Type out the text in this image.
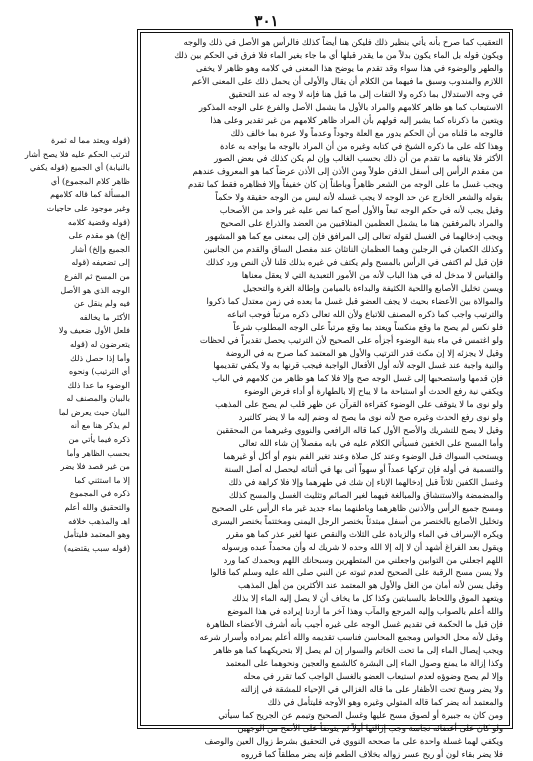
٣٠١
التعقيب كما صرح بأنه يأتي بنظير ذلك فليكن هنا أيضاً كذلك فالرأس هو الأصل في ذلك والوجه
ويكون قوله بل الماء يكون بدلاً من ما يقدر قبلها أي ما جاء بغير الماء فلا فرق في الحكم بين ذلك
والطهر والوضوء في هذا سواء وقد تقدم ما يوضح هذا المعنى في كلامه وهو ظاهر لا يخفى
اللازم والمندوب وسبق ما فيهما من الكلام أن يقال والأولى أن يحمل ذلك على المعنى الأعم
في وجه الاستدلال بما ذكره ولا التفات إلى ما قيل هنا فإنه لا وجه له عند التحقيق
الاستيعاب كما هو ظاهر كلامهم والمراد بالأول ما يشمل الأصل والفرع على الوجه المذكور
ويتعين ما ذكرناه كما يشير إليه قولهم بأن المراد ظاهر كلامهم من غير تقدير وعلى هذا
فالوجه ما قلناه من أن الحكم يدور مع العلة وجوداً وعدماً ولا عبرة بما خالف ذلك
وهذا كله على ما ذكره الشيخ في كتابه وغيره من أن المراد بالوجه ما يواجه به عادة
الأكثر فلا ينافيه ما تقدم من أن ذلك بحسب الغالب وإن لم يكن كذلك في بعض الصور
من مقدم الرأس إلى أسفل الذقن طولاً ومن الأذن إلى الأذن عرضاً كما هو المعروف عندهم
ويجب غسل ما على الوجه من الشعر ظاهراً وباطناً إن كان خفيفاً وإلا فظاهره فقط كما تقدم
بقوله والشعر الخارج عن حد الوجه لا يجب غسله لأنه ليس من الوجه حقيقة ولا حكماً
وقيل يجب لأنه في حكم الوجه تبعاً والأول أصح كما نص عليه غير واحد من الأصحاب
والمراد بالمرفقين هنا ما يشمل العظمين المتلاقيين من العضد والذراع على الصحيح
ويجب إدخالهما في الغسل لقوله تعالى إلى المرافق فإن إلى بمعنى مع كما هو المشهور
وكذلك الكعبان في الرجلين وهما العظمان الناتئان عند مفصل الساق والقدم من الجانبين
فإن قيل لم اكتفى في الرأس بالمسح ولم يكتف في غيره بذلك قلنا لأن النص ورد كذلك
والقياس لا مدخل له في هذا الباب لأنه من الأمور التعبدية التي لا يعقل معناها
ويسن تخليل الأصابع واللحية الكثيفة والبداءة بالميامن وإطالة الغرة والتحجيل
والموالاة بين الأعضاء بحيث لا يجف العضو قبل غسل ما بعده في زمن معتدل كما ذكروا
والترتيب واجب كما ذكره المصنف للاتباع ولأن الله تعالى ذكره مرتباً فوجب اتباعه
فلو نكس لم يصح ما وقع منكساً ويعتد بما وقع مرتباً على الوجه المطلوب شرعاً
ولو اغتمس في ماء بنية الوضوء أجزأه على الصحيح لأن الترتيب يحصل تقديراً في لحظات
وقيل لا يجزئه إلا إن مكث قدر الترتيب والأول هو المعتمد كما صرح به في الروضة
والنية واجبة عند غسل الوجه لأنه أول الأفعال الواجبة فيجب قرنها به ولا يكفي تقديمها
فإن قدمها واستصحبها إلى غسل الوجه صح وإلا فلا كما هو ظاهر من كلامهم في الباب
ويكفي نية رفع الحدث أو استباحة ما لا يباح إلا بالطهارة أو أداء فرض الوضوء
ولو نوى ما لا يتوقف على الوضوء كقراءة القرآن عن ظهر قلب لم يصح على المذهب
ولو نوى رفع الحدث وغيره صح لأنه نوى ما يصح له وضم إليه ما لا يضر كالتبرد
وقيل لا يصح للتشريك والأصح الأول كما قاله الرافعي والنووي وغيرهما من المحققين
وأما المسح على الخفين فسيأتي الكلام عليه في بابه مفصلاً إن شاء الله تعالى
ويستحب السواك قبل الوضوء وعند كل صلاة وعند تغير الفم بنوم أو أكل أو غيرهما
والتسمية في أوله فإن تركها عمداً أو سهواً أتى بها في أثنائه ليحصل له أصل السنة
وغسل الكفين ثلاثاً قبل إدخالهما الإناء إن شك في طهرهما وإلا فلا كراهة في ذلك
والمضمضة والاستنشاق والمبالغة فيهما لغير الصائم وتثليث الغسل والمسح كذلك
ومسح جميع الرأس والأذنين ظاهرهما وباطنهما بماء جديد غير ماء الرأس على الصحيح
وتخليل الأصابع بالخنصر من أسفل مبتدئاً بخنصر الرجل اليمنى ومختتماً بخنصر اليسرى
ويكره الإسراف في الماء والزيادة على الثلاث والنقص عنها لغير عذر كما هو مقرر
ويقول بعد الفراغ أشهد أن لا إله إلا الله وحده لا شريك له وأن محمداً عبده ورسوله
اللهم اجعلني من التوابين واجعلني من المتطهرين وسبحانك اللهم وبحمدك كما ورد
ولا يسن مسح الرقبة على الصحيح لعدم ثبوته عن النبي صلى الله عليه وسلم كما قالوا
وقيل يسن لأنه أمان من الغل والأول هو المعتمد عند الأكثرين من أهل المذهب
ويتعهد الموق واللحاظ بالسبابتين وكذا كل ما يخاف أن لا يصل إليه الماء إلا بذلك
والله أعلم بالصواب وإليه المرجع والمآب وهذا آخر ما أردنا إيراده في هذا الموضع
فإن قيل ما الحكمة في تقديم غسل الوجه على غيره أجيب بأنه أشرف الأعضاء الظاهرة
وقيل لأنه محل الحواس ومجمع المحاسن فناسب تقديمه والله أعلم بمراده وأسرار شرعه
ويجب إيصال الماء إلى ما تحت الخاتم والسوار إن لم يصل إلا بتحريكهما كما هو ظاهر
وكذا إزالة ما يمنع وصول الماء إلى البشرة كالشمع والعجين ونحوهما على المعتمد
وإلا لم يصح وضوؤه لعدم استيعاب العضو بالغسل الواجب كما تقرر في محله
ولا يضر وسخ تحت الأظفار على ما قاله الغزالي في الإحياء للمشقة في إزالته
والمعتمد أنه يضر كما قاله المتولي وغيره وهو الأوجه فليتأمل في ذلك
ومن كان به جبيرة أو لصوق مسح عليها وغسل الصحيح وتيمم عن الجريح كما سيأتي
ولو كان على أعضائه نجاسة وجب إزالتها أولاً ثم يتوضأ على الأصح من الوجهين
ويكفي لهما غسلة واحدة على ما صححه النووي في التحقيق بشرط زوال العين والوصف
فلا يضر بقاء لون أو ريح عسر زواله بخلاف الطعم فإنه يضر مطلقاً كما قرروه
(قوله ويعتد مما له ثمرة
لترتب الحكم عليه فلا يصح أشار
بالنيابة) أي الجميع (قوله يكفي
ظاهر كلام المجموع) أي
المسألة كما قاله كلامهم
وغير موجود على حاجيات
(قوله وقضية كلامه
إلخ) هو مقدم على
الجميع وإلخ) أشار
إلى تضعيفه (قوله
من المسح ثم الفرع
الوجه الذي هو الأصل
فيه ولم ينقل عن
الأكثر ما يخالفه
فلعل الأول ضعيف ولا
يتعرضون له (قوله
وأما إذا حصل ذلك
أي الترتيب) ونحوه
الوضوء ما عدا ذلك
بالبيان والمصنف له
البيان حيث يعرض لما
لم يذكر هنا مع أنه
ذكره فيما يأتي من
بحسب الظاهر وأما
من غير قصد فلا يضر
إلا ما استثني كما
ذكره في المجموع
والتحقيق والله أعلم
اهـ والمذهب خلافه
وهو المعتمد فليتأمل
(قوله سبب يقتضيه)
